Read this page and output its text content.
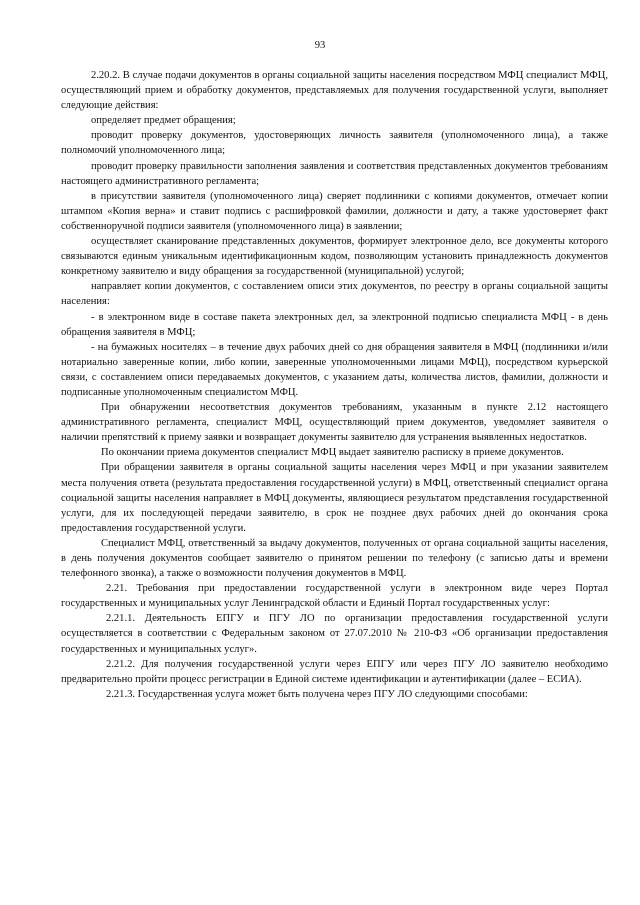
93

2.20.2. В случае подачи документов в органы социальной защиты населения посредством МФЦ специалист МФЦ, осуществляющий прием и обработку документов, представляемых для получения государственной услуги, выполняет следующие действия:

определяет предмет обращения;

проводит проверку документов, удостоверяющих личность заявителя (уполномоченного лица), а также полномочий уполномоченного лица;

проводит проверку правильности заполнения заявления и соответствия представленных документов требованиям настоящего административного регламента;

в присутствии заявителя (уполномоченного лица) сверяет подлинники с копиями документов, отмечает копии штампом «Копия верна» и ставит подпись с расшифровкой фамилии, должности и дату, а также удостоверяет факт собственноручной подписи заявителя (уполномоченного лица) в заявлении;

осуществляет сканирование представленных документов, формирует электронное дело, все документы которого связываются единым уникальным идентификационным кодом, позволяющим установить принадлежность документов конкретному заявителю и виду обращения за государственной (муниципальной) услугой;

направляет копии документов, с составлением описи этих документов, по реестру в органы социальной защиты населения:

- в электронном виде в составе пакета электронных дел, за электронной подписью специалиста МФЦ - в день обращения заявителя в МФЦ;

- на бумажных носителях – в течение двух рабочих дней со дня обращения заявителя в МФЦ (подлинники и/или нотариально заверенные копии, либо копии, заверенные уполномоченными лицами МФЦ), посредством курьерской связи, с составлением описи передаваемых документов, с указанием даты, количества листов, фамилии, должности и подписанные уполномоченным специалистом МФЦ.

При обнаружении несоответствия документов требованиям, указанным в пункте 2.12 настоящего административного регламента, специалист МФЦ, осуществляющий прием документов, уведомляет заявителя о наличии препятствий к приему заявки и возвращает документы заявителю для устранения выявленных недостатков.

По окончании приема документов специалист МФЦ выдает заявителю расписку в приеме документов.

При обращении заявителя в органы социальной защиты населения через МФЦ и при указании заявителем места получения ответа (результата предоставления государственной услуги) в МФЦ, ответственный специалист органа социальной защиты населения направляет в МФЦ документы, являющиеся результатом представления государственной услуги, для их последующей передачи заявителю, в срок не позднее двух рабочих дней до окончания срока предоставления государственной услуги.

Специалист МФЦ, ответственный за выдачу документов, полученных от органа социальной защиты населения, в день получения документов сообщает заявителю о принятом решении по телефону (с записью даты и времени телефонного звонка), а также о возможности получения документов в МФЦ.

2.21. Требования при предоставлении государственной услуги в электронном виде через Портал государственных и муниципальных услуг Ленинградской области и Единый Портал государственных услуг:

2.21.1. Деятельность ЕПГУ и ПГУ ЛО по организации предоставления государственной услуги осуществляется в соответствии с Федеральным законом от 27.07.2010 № 210-ФЗ «Об организации предоставления государственных и муниципальных услуг».

2.21.2. Для получения государственной услуги через ЕПГУ или через ПГУ ЛО заявителю необходимо предварительно пройти процесс регистрации в Единой системе идентификации и аутентификации (далее – ЕСИА).

2.21.3. Государственная услуга может быть получена через ПГУ ЛО следующими способами:
